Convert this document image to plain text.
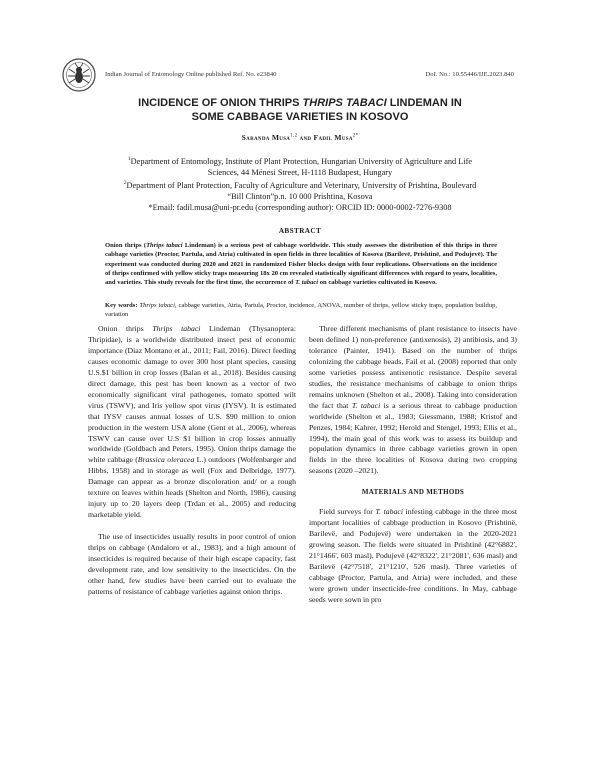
Indian Journal of Entomology Online published Ref. No. e23840	DoI. No.: 10.55446/IJE.2023.840
INCIDENCE OF ONION THRIPS THRIPS TABACI LINDEMAN IN
SOME CABBAGE VARIETIES IN KOSOVO
Saranda Musa$^{1,2}$ and Fadil Musa$^{2*}$
$^1$Department of Entomology, Institute of Plant Protection, Hungarian University of Agriculture and Life Sciences, 44 Ménesi Street, H-1118 Budapest, Hungary
$^2$Department of Plant Protection, Faculty of Agriculture and Veterinary, University of Prishtina, Boulevard “Bill Clinton”p.n. 10 000 Prishtina, Kosova
*Email: fadil.musa@uni-pr.edu (corresponding author): ORCID ID: 0000-0002-7276-9308
ABSTRACT
Onion thrips (Thrips tabaci Lindeman) is a serious pest of cabbage worldwide. This study assesses the distribution of this thrips in three cabbage varieties (Proctor, Partula, and Atria) cultivated in open fields in three localities of Kosova (Barilevë, Prishtinë, and Podujevë). The experiment was conducted during 2020 and 2021 in randomized Fisher blocks design with four replications. Observations on the incidence of thrips confirmed with yellow sticky traps measuring 18x 20 cm revealed statistically significant differences with regard to years, localities, and varieties. This study reveals for the first time, the occurrence of T. tabaci on cabbage varieties cultivated in Kosovo.
Key words: Thrips tabaci, cabbage varieties, Atria, Partula, Proctor, incidence, ANOVA, number of thrips, yellow sticky traps, population buildup, variation

Onion thrips Thrips tabaci Lindeman (Thysanoptera: Thripidae), is a worldwide distributed insect pest of economic importance (Diaz Montano et al., 2011; Fail, 2016). Direct feeding causes economic damage to over 300 host plant species, causing U.S.$1 billion in crop losses (Balan et al., 2018). Besides causing direct damage, this pest has been known as a vector of two economically significant viral pathogenes, tomato spotted wilt virus (TSWV), and Iris yellow spot virus (IYSV). It is estimated that IYSV causes annual losses of U.S. $90 million to onion production in the western USA alone (Gent et al., 2006), whereas TSWV can cause over U.S $1 billion in crop losses annually worldwide (Goldbach and Peters, 1995). Onion thrips damage the white cabbage (Brassica oleracea L.) outdoors (Wolfenbarger and Hibbs, 1958) and in storage as well (Fox and Delbridge, 1977). Damage can appear as a bronze discoloration and/ or a rough texture on leaves within heads (Shelton and North, 1986), causing injury up to 20 layers deep (Trdan et al., 2005) and reducing marketable yield.

The use of insecticides usually results in poor control of onion thrips on cabbage (Andaloro et al., 1983), and a high amount of insecticides is required because of their high escape capacity, fast development rate, and low sensitivity to the insecticides. On the other hand, few studies have been carried out to evaluate the patterns of resistance of cabbage varieties against onion thrips.

Three different mechanisms of plant resistance to insects have been defined 1) non-preference (antixenosis), 2) antibiosis, and 3) tolerance (Painter, 1941). Based on the number of thrips colonizing the cabbage heads, Fail et al. (2008) reported that only some varieties possess antixenotic resistance. Despite several studies, the resistance mechanisms of cabbage to onion thrips remains unknown (Shelton et al., 2008). Taking into consideration the fact that T. tabaci is a serious threat to cabbage production worldwide (Shelton et al., 1983; Giessmann, 1988; Kristof and Penzes, 1984; Kahrer, 1992; Herold and Stengel, 1993; Ellis et al., 1994), the main goal of this work was to assess its buildup and population dynamics in three cabbage varieties grown in open fields in the three localities of Kosova during two cropping seasons (2020 –2021).

MATERIALS AND METHODS

Field surveys for T. tabaci infesting cabbage in the three most important localities of cabbage production in Kosovo (Prishtinë, Barilevë, and Podujevë) were undertaken in the 2020-2021 growing season. The fields were situated in Prishtinë (42°6882', 21°1466', 603 masl), Podujevë (42°8322', 21°2081', 636 masl) and Barilevë (42°7518', 21°1210', 526 masl). Three varieties of cabbage (Proctor, Partula, and Atria) were included, and these were grown under insecticide-free conditions. In May, cabbage seeds were sown in pro
